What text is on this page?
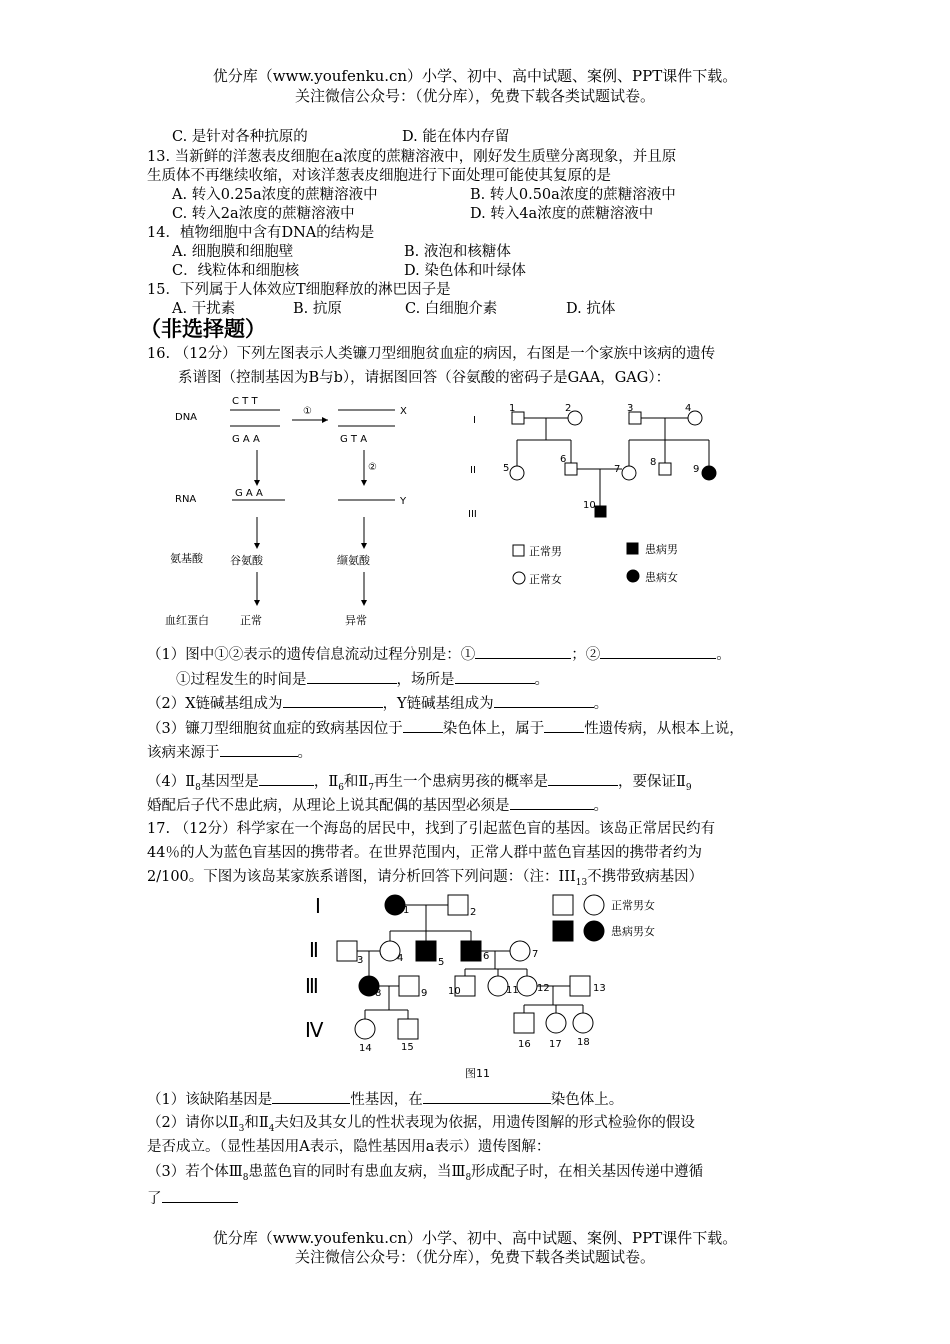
优分库（www.youfenku.cn）小学、初中、高中试题、案例、PPT课件下载。
关注微信公众号：（优分库），免费下载各类试题试卷。
C. 是针对各种抗原的	D. 能在体内存留
13. 当新鲜的洋葱表皮细胞在a浓度的蔗糖溶液中，刚好发生质壁分离现象，并且原
生质体不再继续收缩，对该洋葱表皮细胞进行下面处理可能使其复原的是
A. 转入0.25a浓度的蔗糖溶液中	B. 转人0.50a浓度的蔗糖溶液中
C. 转入2a浓度的蔗糖溶液中	D. 转入4a浓度的蔗糖溶液中
14．植物细胞中含有DNA的结构是
A. 细胞膜和细胞壁	B. 液泡和核糖体
C．线粒体和细胞核	D. 染色体和叶绿体
15．下列属于人体效应T细胞释放的淋巴因子是
A. 干扰素	B. 抗原	C. 白细胞介素	D. 抗体
（非选择题）
16. （12分）下列左图表示人类镰刀型细胞贫血症的病因，右图是一个家族中该病的遗传
系谱图（控制基因为B与b），请据图回答（谷氨酸的密码子是GAA，GAG）：
DNA
RNA
氨基酸
血红蛋白
C T T
G A A	G T A
G A A
X
Y
①
②
谷氨酸	缬氨酸
正常	异常
I
II
III
1	2	3	4
5
6
7
8
9
10
正常男	患病男
正常女	患病女
（1）图中①②表示的遗传信息流动过程分别是：①	；②	。
①过程发生的时间是	，场所是	。
（2）X链碱基组成为	，Y链碱基组成为	。
（3）镰刀型细胞贫血症的致病基因位于	染色体上，属于	性遗传病，从根本上说，
该病来源于	。
$(4)Ⅱ_8$基因型是	，$Ⅱ_6$和$Ⅱ_7$再生一个患病男孩的概率是	，要保证$Ⅱ_9$
婚配后子代不患此病，从理论上说其配偶的基因型必须是	。
17. （12分）科学家在一个海岛的居民中，找到了引起蓝色盲的基因。该岛正常居民约有
44％的人为蓝色盲基因的携带者。在世界范围内，正常人群中蓝色盲基因的携带者约为
2/100。下图为该岛某家族系谱图，请分析回答下列问题：（注：$III_{13}$不携带致病基因）
Ⅰ
Ⅱ
Ⅲ
Ⅳ
1	2
3	4	5
6	7
8	9 10	11 12	13
14	15	16 17 18
正常男女
患病男女
图11
（1）该缺陷基因是	性基因，在	染色体上。
（2）请你以$Ⅱ_3$和$Ⅱ_4$夫妇及其女儿的性状表现为依据，用遗传图解的形式检验你的假设
是否成立。（显性基因用A表示，隐性基因用a表示）遗传图解：
（3）若个体$Ⅲ_8$患蓝色盲的同时有患血友病，当$Ⅲ_8$形成配子时，在相关基因传递中遵循
了
优分库（www.youfenku.cn）小学、初中、高中试题、案例、PPT课件下载。
关注微信公众号：（优分库），免费下载各类试题试卷。
